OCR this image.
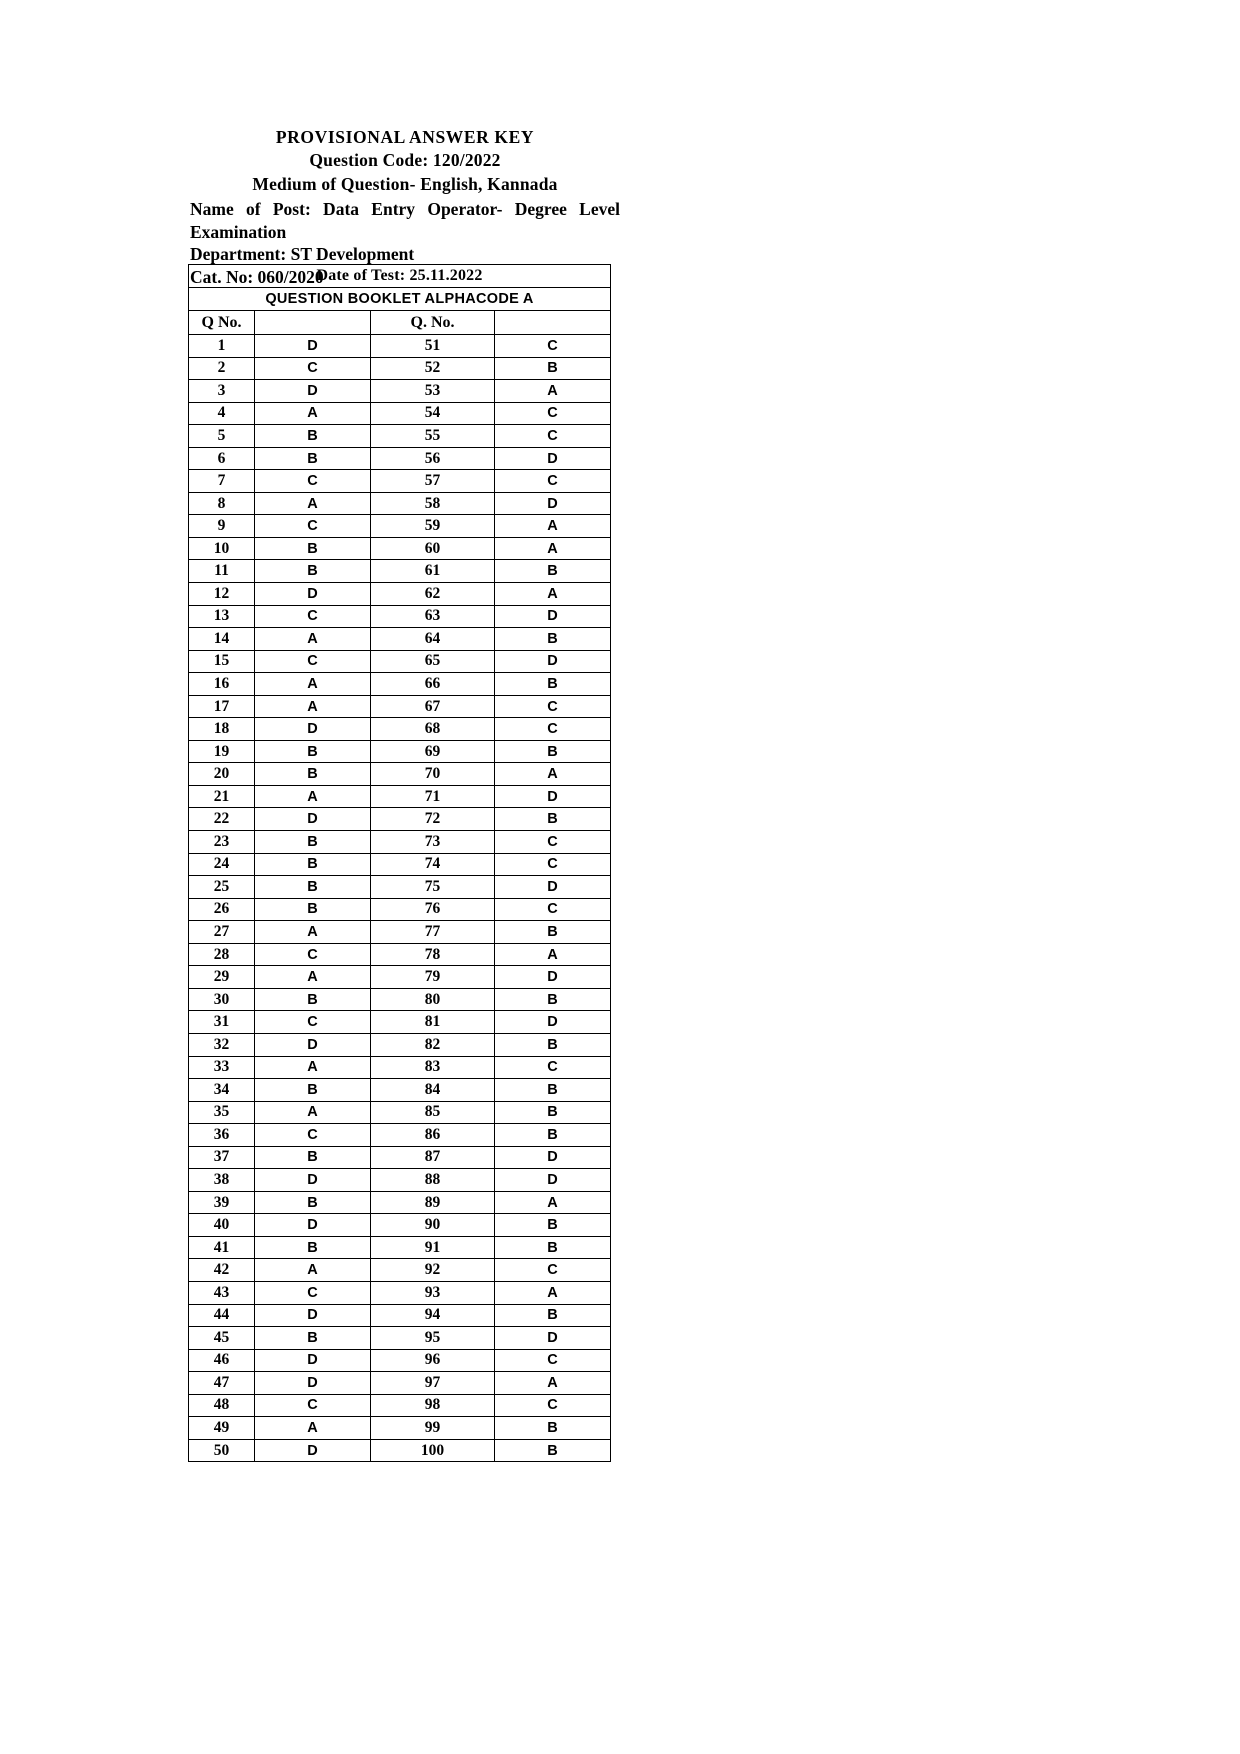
PROVISIONAL ANSWER KEY
Question Code: 120/2022
Medium of Question- English, Kannada
Name of Post: Data Entry Operator- Degree Level
Examination
Department: ST Development
Cat. No: 060/2020
Date of Test: 25.11.2022			
QUESTION BOOKLET ALPHACODE A			
Q No.		Q. No.	
1	D	51	C
2	C	52	B
3	D	53	A
4	A	54	C
5	B	55	C
6	B	56	D
7	C	57	C
8	A	58	D
9	C	59	A
10	B	60	A
11	B	61	B
12	D	62	A
13	C	63	D
14	A	64	B
15	C	65	D
16	A	66	B
17	A	67	C
18	D	68	C
19	B	69	B
20	B	70	A
21	A	71	D
22	D	72	B
23	B	73	C
24	B	74	C
25	B	75	D
26	B	76	C
27	A	77	B
28	C	78	A
29	A	79	D
30	B	80	B
31	C	81	D
32	D	82	B
33	A	83	C
34	B	84	B
35	A	85	B
36	C	86	B
37	B	87	D
38	D	88	D
39	B	89	A
40	D	90	B
41	B	91	B
42	A	92	C
43	C	93	A
44	D	94	B
45	B	95	D
46	D	96	C
47	D	97	A
48	C	98	C
49	A	99	B
50	D	100	B
